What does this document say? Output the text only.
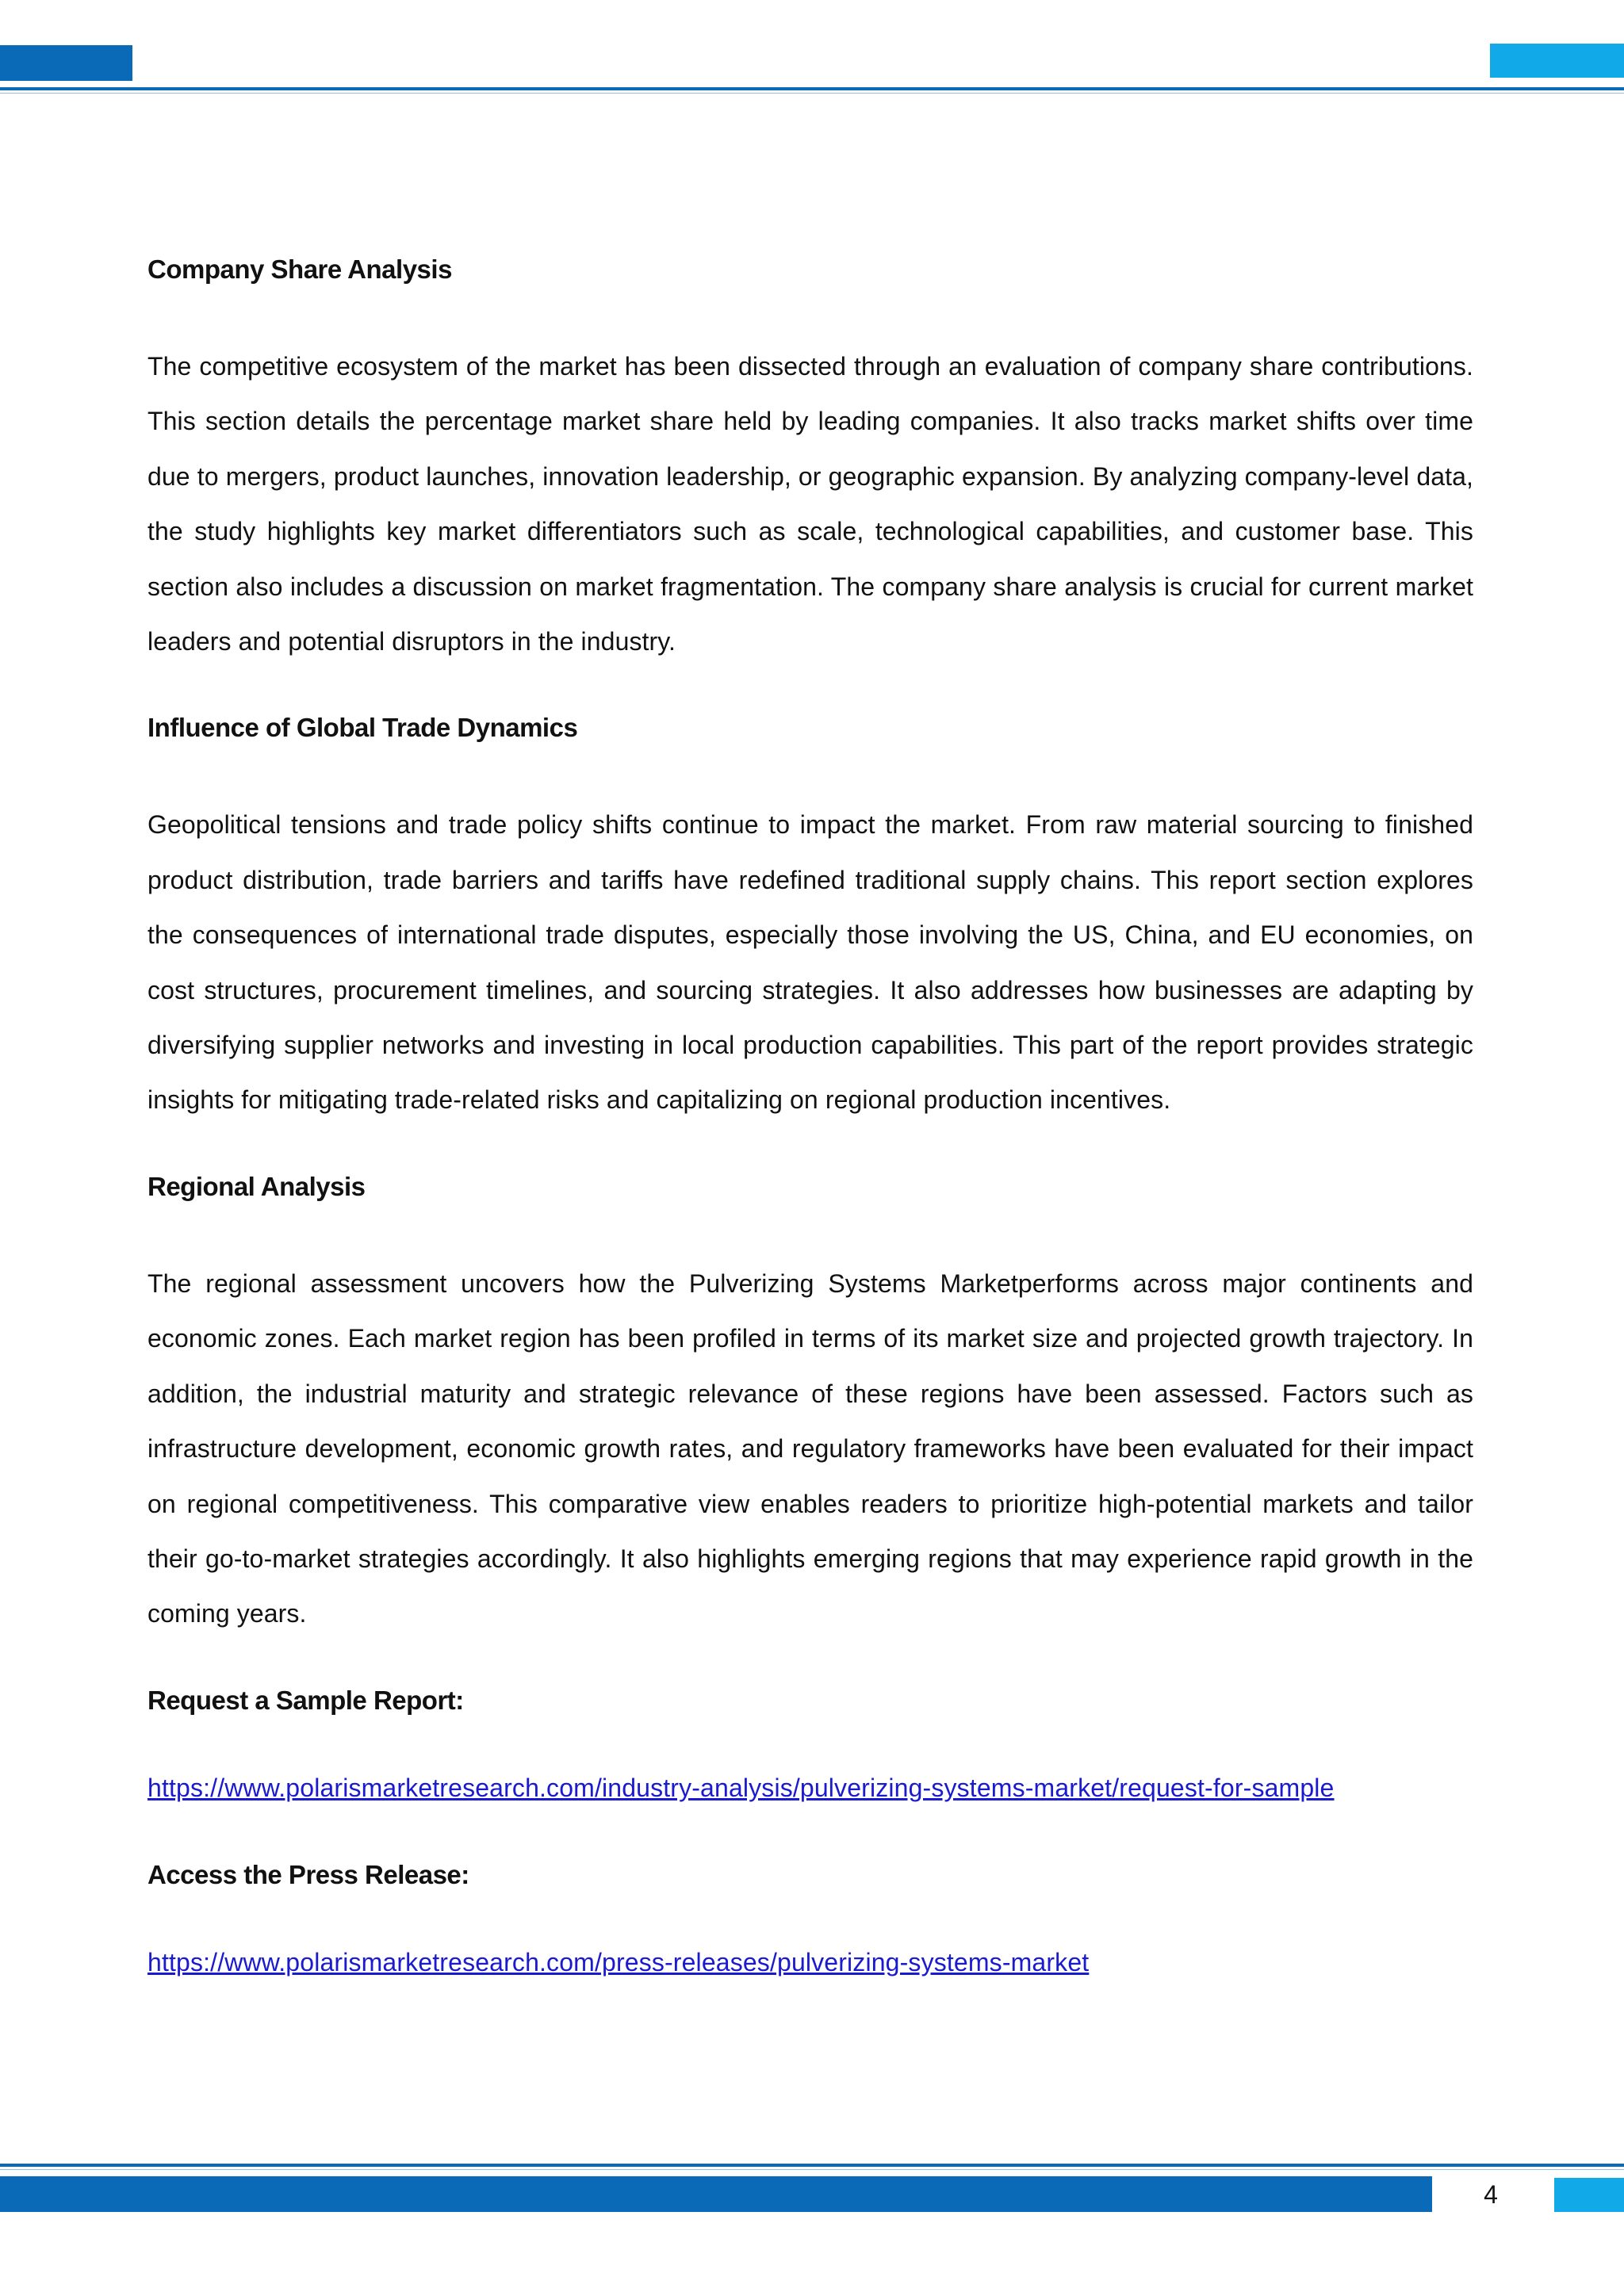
Company Share Analysis

The competitive ecosystem of the market has been dissected through an evaluation of company share contributions. This section details the percentage market share held by leading companies. It also tracks market shifts over time due to mergers, product launches, innovation leadership, or geographic expansion. By analyzing company-level data, the study highlights key market differentiators such as scale, technological capabilities, and customer base. This section also includes a discussion on market fragmentation. The company share analysis is crucial for current market leaders and potential disruptors in the industry.

Influence of Global Trade Dynamics

Geopolitical tensions and trade policy shifts continue to impact the market. From raw material sourcing to finished product distribution, trade barriers and tariffs have redefined traditional supply chains. This report section explores the consequences of international trade disputes, especially those involving the US, China, and EU economies, on cost structures, procurement timelines, and sourcing strategies. It also addresses how businesses are adapting by diversifying supplier networks and investing in local production capabilities. This part of the report provides strategic insights for mitigating trade-related risks and capitalizing on regional production incentives.

Regional Analysis

The regional assessment uncovers how the Pulverizing Systems Marketperforms across major continents and economic zones. Each market region has been profiled in terms of its market size and projected growth trajectory. In addition, the industrial maturity and strategic relevance of these regions have been assessed. Factors such as infrastructure development, economic growth rates, and regulatory frameworks have been evaluated for their impact on regional competitiveness. This comparative view enables readers to prioritize high-potential markets and tailor their go-to-market strategies accordingly. It also highlights emerging regions that may experience rapid growth in the coming years.

Request a Sample Report:
https://www.polarismarketresearch.com/industry-analysis/pulverizing-systems-market/request-for-sample
Access the Press Release:
https://www.polarismarketresearch.com/press-releases/pulverizing-systems-market
4
